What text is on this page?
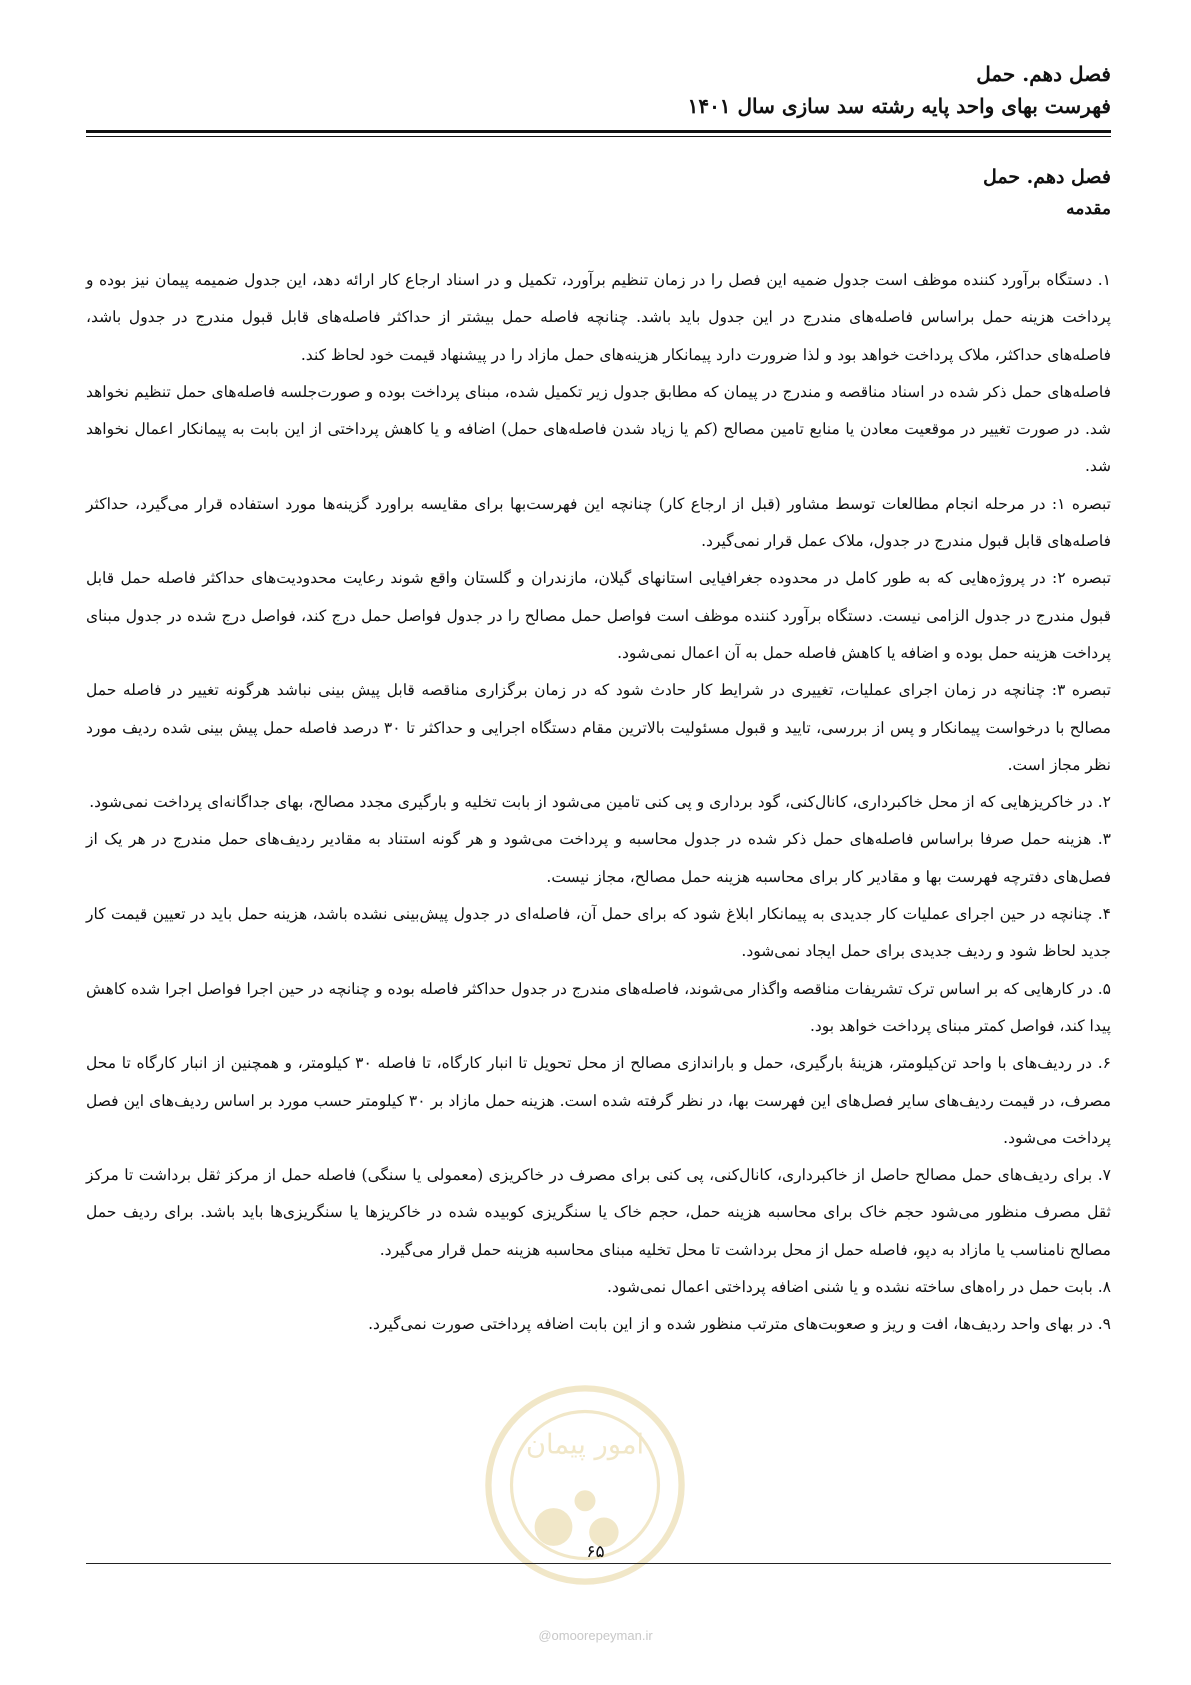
فصل دهم. حمل
فهرست بهای واحد پایه رشته سد سازی سال ۱۴۰۱
فصل دهم. حمل
مقدمه

۱. دستگاه برآورد کننده موظف است جدول ضمیه این فصل را در زمان تنظیم برآورد، تکمیل و در اسناد ارجاع کار ارائه دهد، این جدول ضمیمه پیمان نیز بوده و پرداخت هزینه حمل براساس فاصله‌های مندرج در این جدول باید باشد. چنانچه فاصله حمل بیشتر از حداکثر فاصله‌های قابل قبول مندرج در جدول باشد، فاصله‌های حداکثر، ملاک پرداخت خواهد بود و لذا ضرورت دارد پیمانکار هزینه‌های حمل مازاد را در پیشنهاد قیمت خود لحاظ کند.

فاصله‌های حمل ذکر شده در اسناد مناقصه و مندرج در پیمان که مطابق جدول زیر تکمیل شده، مبنای پرداخت بوده و صورت‌جلسه فاصله‌های حمل تنظیم نخواهد شد. در صورت تغییر در موقعیت معادن یا منابع تامین مصالح (کم یا زیاد شدن فاصله‌های حمل) اضافه و یا کاهش پرداختی از این بابت به پیمانکار اعمال نخواهد شد.

تبصره ۱: در مرحله انجام مطالعات توسط مشاور (قبل از ارجاع کار) چنانچه این فهرست‌بها برای مقایسه براورد گزینه‌ها مورد استفاده قرار می‌گیرد، حداکثر فاصله‌های قابل قبول مندرج در جدول، ملاک عمل قرار نمی‌گیرد.

تبصره ۲: در پروژه‌هایی که به طور کامل در محدوده جغرافیایی استانهای گیلان، مازندران و گلستان واقع شوند رعایت محدودیت‌های حداکثر فاصله حمل قابل قبول مندرج در جدول الزامی نیست. دستگاه برآورد کننده موظف است فواصل حمل مصالح را در جدول فواصل حمل درج کند، فواصل درج شده در جدول مبنای پرداخت هزینه حمل بوده و اضافه یا کاهش فاصله حمل به آن اعمال نمی‌شود.

تبصره ۳: چنانچه در زمان اجرای عملیات، تغییری در شرایط کار حادث شود که در زمان برگزاری مناقصه قابل پیش بینی نباشد هرگونه تغییر در فاصله حمل مصالح با درخواست پیمانکار و پس از بررسی، تایید و قبول مسئولیت بالاترین مقام دستگاه اجرایی و حداکثر تا ۳۰ درصد فاصله حمل پیش بینی شده ردیف مورد نظر مجاز است.

۲. در خاکریزهایی که از محل خاکبرداری، کانال‌کنی، گود برداری و پی کنی تامین می‌شود از بابت تخلیه و بارگیری مجدد مصالح، بهای جداگانه‌ای پرداخت نمی‌شود.

۳. هزینه حمل صرفا براساس فاصله‌های حمل ذکر شده در جدول محاسبه و پرداخت می‌شود و هر گونه استناد به مقادیر ردیف‌های حمل مندرج در هر یک از فصل‌های دفترچه فهرست بها و مقادیر کار برای محاسبه هزینه حمل مصالح، مجاز نیست.

۴. چنانچه در حین اجرای عملیات کار جدیدی به پیمانکار ابلاغ شود که برای حمل آن، فاصله‌ای در جدول پیش‌بینی نشده باشد، هزینه حمل باید در تعیین قیمت کار جدید لحاظ شود و ردیف جدیدی برای حمل ایجاد نمی‌شود.

۵. در کارهایی که بر اساس ترک تشریفات مناقصه واگذار می‌شوند، فاصله‌های مندرج در جدول حداکثر فاصله بوده و چنانچه در حین اجرا فواصل اجرا شده کاهش پیدا کند، فواصل کمتر مبنای پرداخت خواهد بود.

۶. در ردیف‌های با واحد تن‌کیلومتر، هزینهٔ بارگیری، حمل و باراندازی مصالح از محل تحویل تا انبار کارگاه، تا فاصله ۳۰ کیلومتر، و همچنین از انبار کارگاه تا محل مصرف، در قیمت ردیف‌های سایر فصل‌های این فهرست بها، در نظر گرفته شده است. هزینه حمل مازاد بر ۳۰ کیلومتر حسب مورد بر اساس ردیف‌های این فصل پرداخت می‌شود.

۷. برای ردیف‌های حمل مصالح حاصل از خاکبرداری، کانال‌کنی، پی کنی برای مصرف در خاکریزی (معمولی یا سنگی) فاصله حمل از مرکز ثقل برداشت تا مرکز ثقل مصرف منظور می‌شود حجم خاک برای محاسبه هزینه حمل، حجم خاک یا سنگریزی کوبیده شده در خاکریزها یا سنگریزی‌ها باید باشد. برای ردیف حمل مصالح نامناسب یا مازاد به دپو، فاصله حمل از محل برداشت تا محل تخلیه مبنای محاسبه هزینه حمل قرار می‌گیرد.

۸. بابت حمل در راه‌های ساخته نشده و یا شنی اضافه پرداختی اعمال نمی‌شود.

۹. در بهای واحد ردیف‌ها، افت و ریز و صعوبت‌های مترتب منظور شده و از این بابت اضافه پرداختی صورت نمی‌گیرد.

امور پیمان
۶۵
@omoorepeyman.ir
